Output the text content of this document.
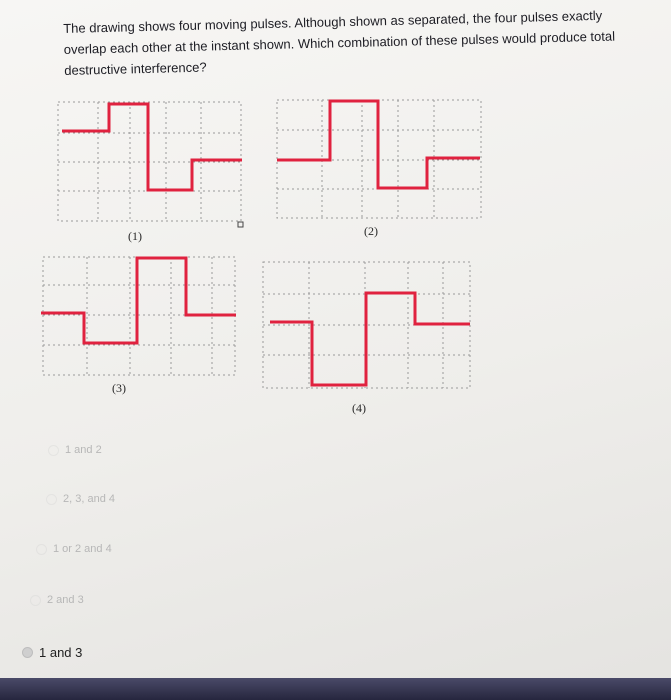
The drawing shows four moving pulses. Although shown as separated, the four pulses exactly overlap each other at the instant shown. Which combination of these pulses would produce total destructive interference?

(1)	(2)
(3)
(4)
1 and 2
2, 3, and 4
1 or 2 and 4
2 and 3
1 and 3
